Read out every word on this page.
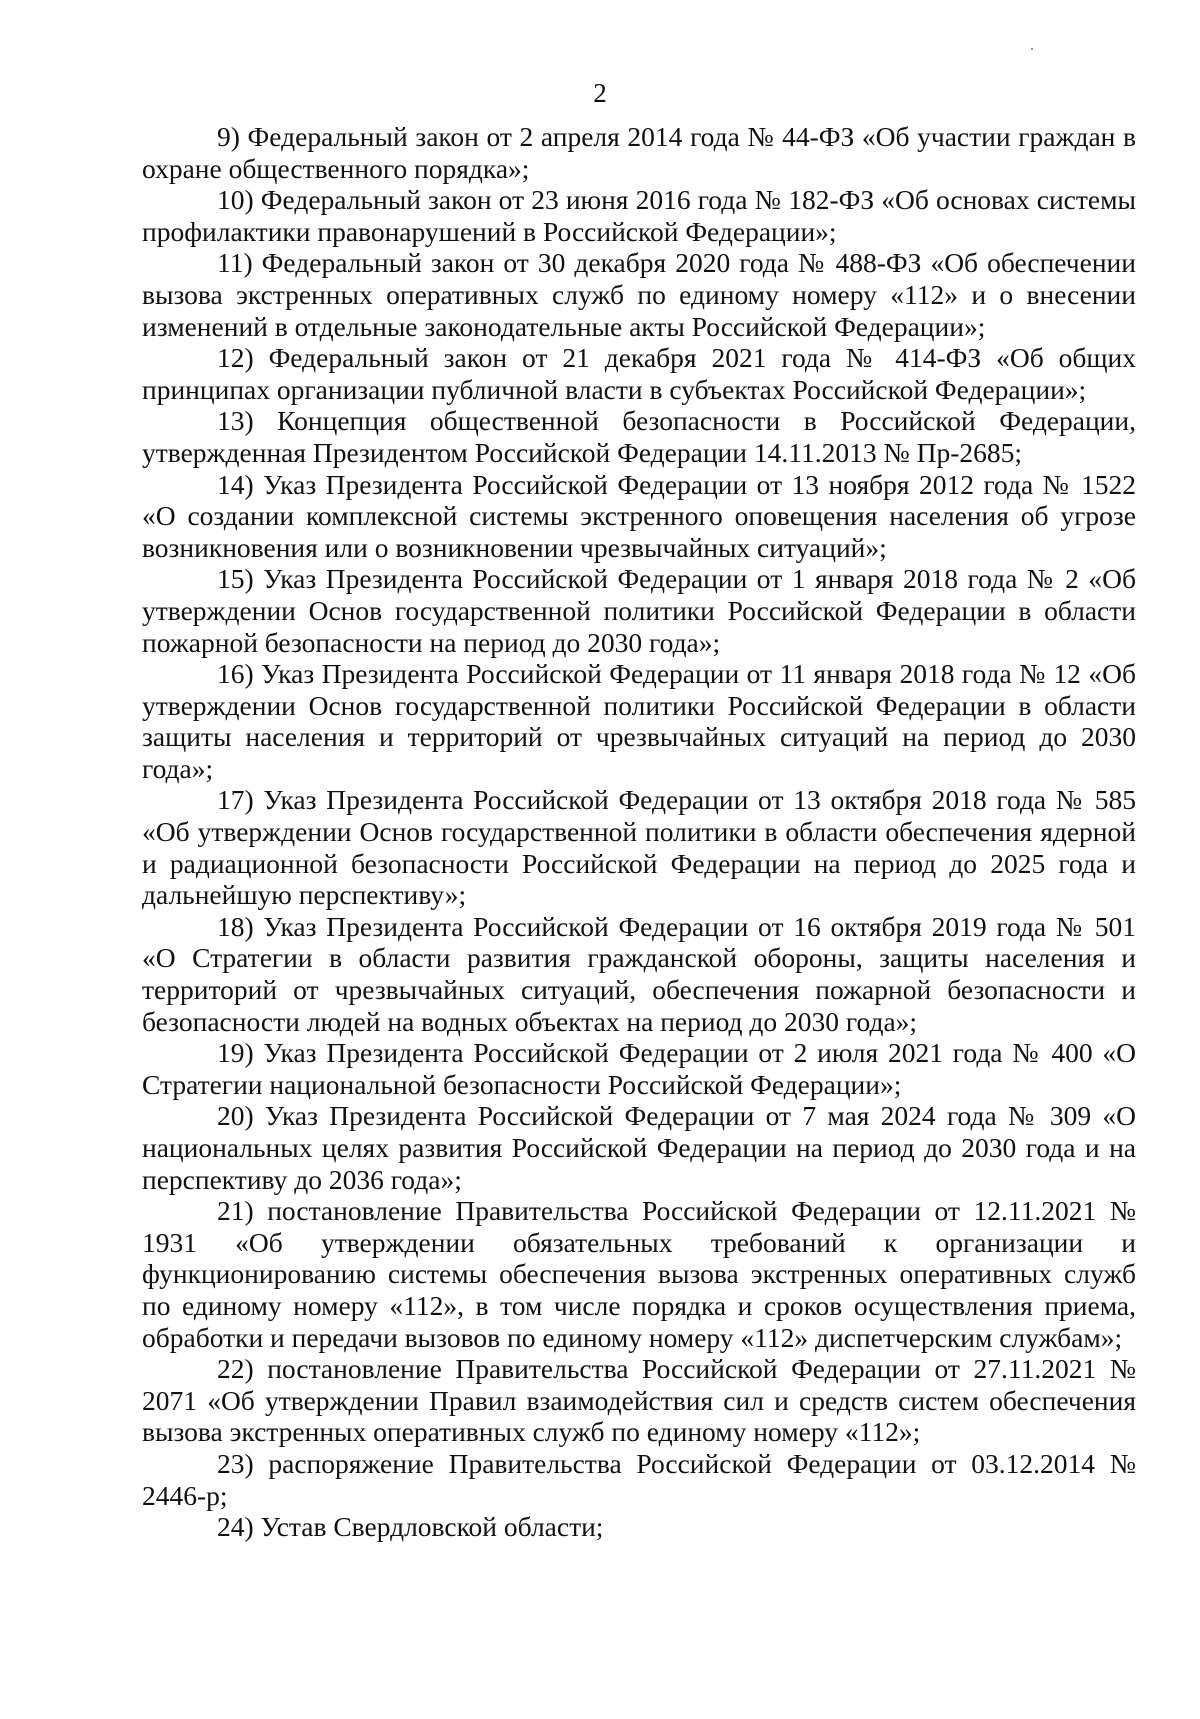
2
9) Федеральный закон от 2 апреля 2014 года № 44-ФЗ «Об участии граждан в охране общественного порядка»;
10) Федеральный закон от 23 июня 2016 года № 182-ФЗ «Об основах системы профилактики правонарушений в Российской Федерации»;
11) Федеральный закон от 30 декабря 2020 года № 488-ФЗ «Об обеспечении вызова экстренных оперативных служб по единому номеру «112» и о внесении изменений в отдельные законодательные акты Российской Федерации»;
12) Федеральный закон от 21 декабря 2021 года № 414-ФЗ «Об общих принципах организации публичной власти в субъектах Российской Федерации»;
13) Концепция общественной безопасности в Российской Федерации, утвержденная Президентом Российской Федерации 14.11.2013 № Пр-2685;
14) Указ Президента Российской Федерации от 13 ноября 2012 года № 1522 «О создании комплексной системы экстренного оповещения населения об угрозе возникновения или о возникновении чрезвычайных ситуаций»;
15) Указ Президента Российской Федерации от 1 января 2018 года № 2 «Об утверждении Основ государственной политики Российской Федерации в области пожарной безопасности на период до 2030 года»;
16) Указ Президента Российской Федерации от 11 января 2018 года № 12 «Об утверждении Основ государственной политики Российской Федерации в области защиты населения и территорий от чрезвычайных ситуаций на период до 2030 года»;
17) Указ Президента Российской Федерации от 13 октября 2018 года № 585 «Об утверждении Основ государственной политики в области обеспечения ядерной и радиационной безопасности Российской Федерации на период до 2025 года и дальнейшую перспективу»;
18) Указ Президента Российской Федерации от 16 октября 2019 года № 501 «О Стратегии в области развития гражданской обороны, защиты населения и территорий от чрезвычайных ситуаций, обеспечения пожарной безопасности и безопасности людей на водных объектах на период до 2030 года»;
19) Указ Президента Российской Федерации от 2 июля 2021 года № 400 «О Стратегии национальной безопасности Российской Федерации»;
20) Указ Президента Российской Федерации от 7 мая 2024 года № 309 «О национальных целях развития Российской Федерации на период до 2030 года и на перспективу до 2036 года»;
21) постановление Правительства Российской Федерации от 12.11.2021 № 1931 «Об утверждении обязательных требований к организации и функционированию системы обеспечения вызова экстренных оперативных служб по единому номеру «112», в том числе порядка и сроков осуществления приема, обработки и передачи вызовов по единому номеру «112» диспетчерским службам»;
22) постановление Правительства Российской Федерации от 27.11.2021 № 2071 «Об утверждении Правил взаимодействия сил и средств систем обеспечения вызова экстренных оперативных служб по единому номеру «112»;
23) распоряжение Правительства Российской Федерации от 03.12.2014 № 2446-р;
24) Устав Свердловской области;
